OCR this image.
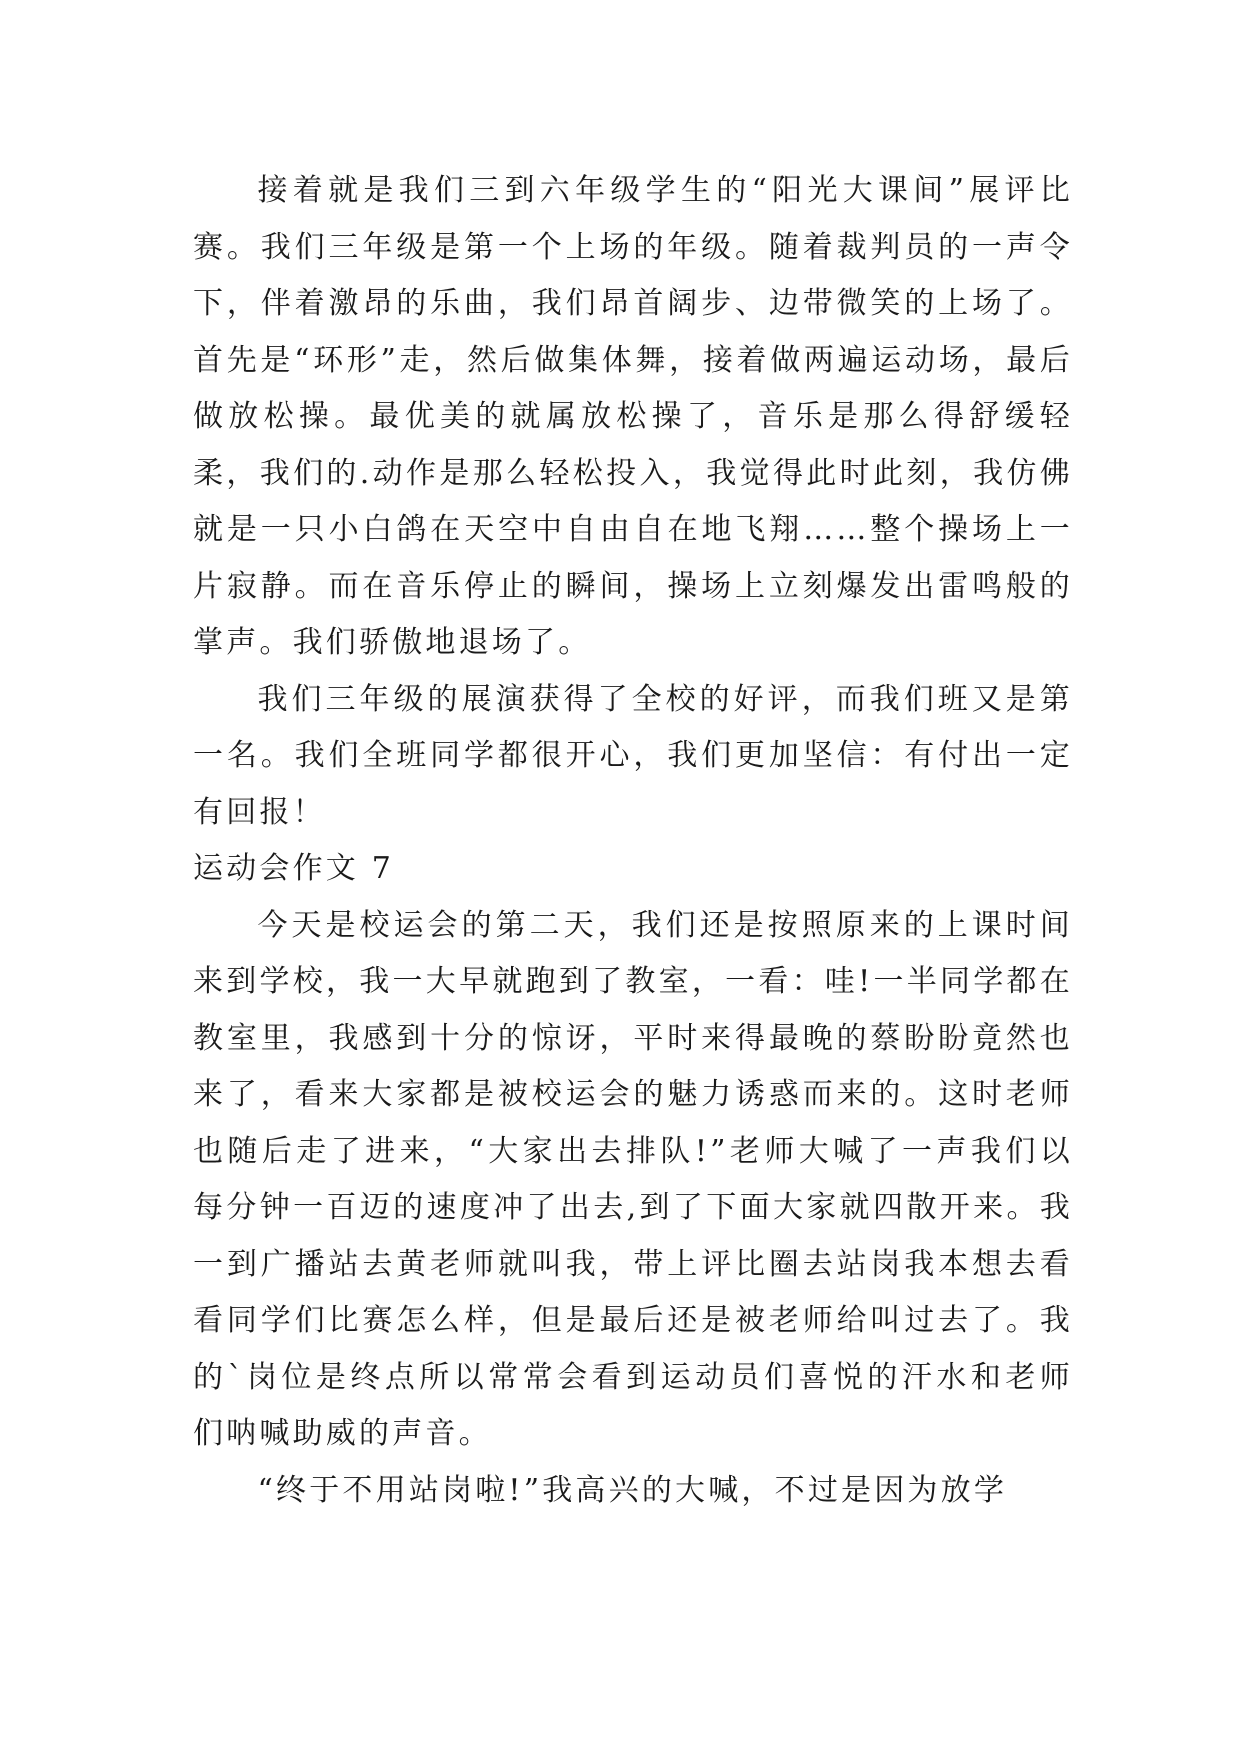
接着就是我们三到六年级学生的“阳光大课间”展评比赛。我们三年级是第一个上场的年级。随着裁判员的一声令下，伴着激昂的乐曲，我们昂首阔步、边带微笑的上场了。首先是“环形”走，然后做集体舞，接着做两遍运动场，最后做放松操。最优美的就属放松操了，音乐是那么得舒缓轻柔，我们的.动作是那么轻松投入，我觉得此时此刻，我仿佛就是一只小白鸽在天空中自由自在地飞翔……整个操场上一片寂静。而在音乐停止的瞬间，操场上立刻爆发出雷鸣般的掌声。我们骄傲地退场了。

我们三年级的展演获得了全校的好评，而我们班又是第一名。我们全班同学都很开心，我们更加坚信：有付出一定有回报！

运动会作文 7

今天是校运会的第二天，我们还是按照原来的上课时间来到学校，我一大早就跑到了教室，一看：哇!一半同学都在教室里，我感到十分的惊讶，平时来得最晚的蔡盼盼竟然也来了，看来大家都是被校运会的魅力诱惑而来的。这时老师也随后走了进来，“大家出去排队!”老师大喊了一声我们以每分钟一百迈的速度冲了出去,到了下面大家就四散开来。我一到广播站去黄老师就叫我，带上评比圈去站岗我本想去看看同学们比赛怎么样，但是最后还是被老师给叫过去了。我的`岗位是终点所以常常会看到运动员们喜悦的汗水和老师们呐喊助威的声音。

“终于不用站岗啦!”我高兴的大喊，不过是因为放学
